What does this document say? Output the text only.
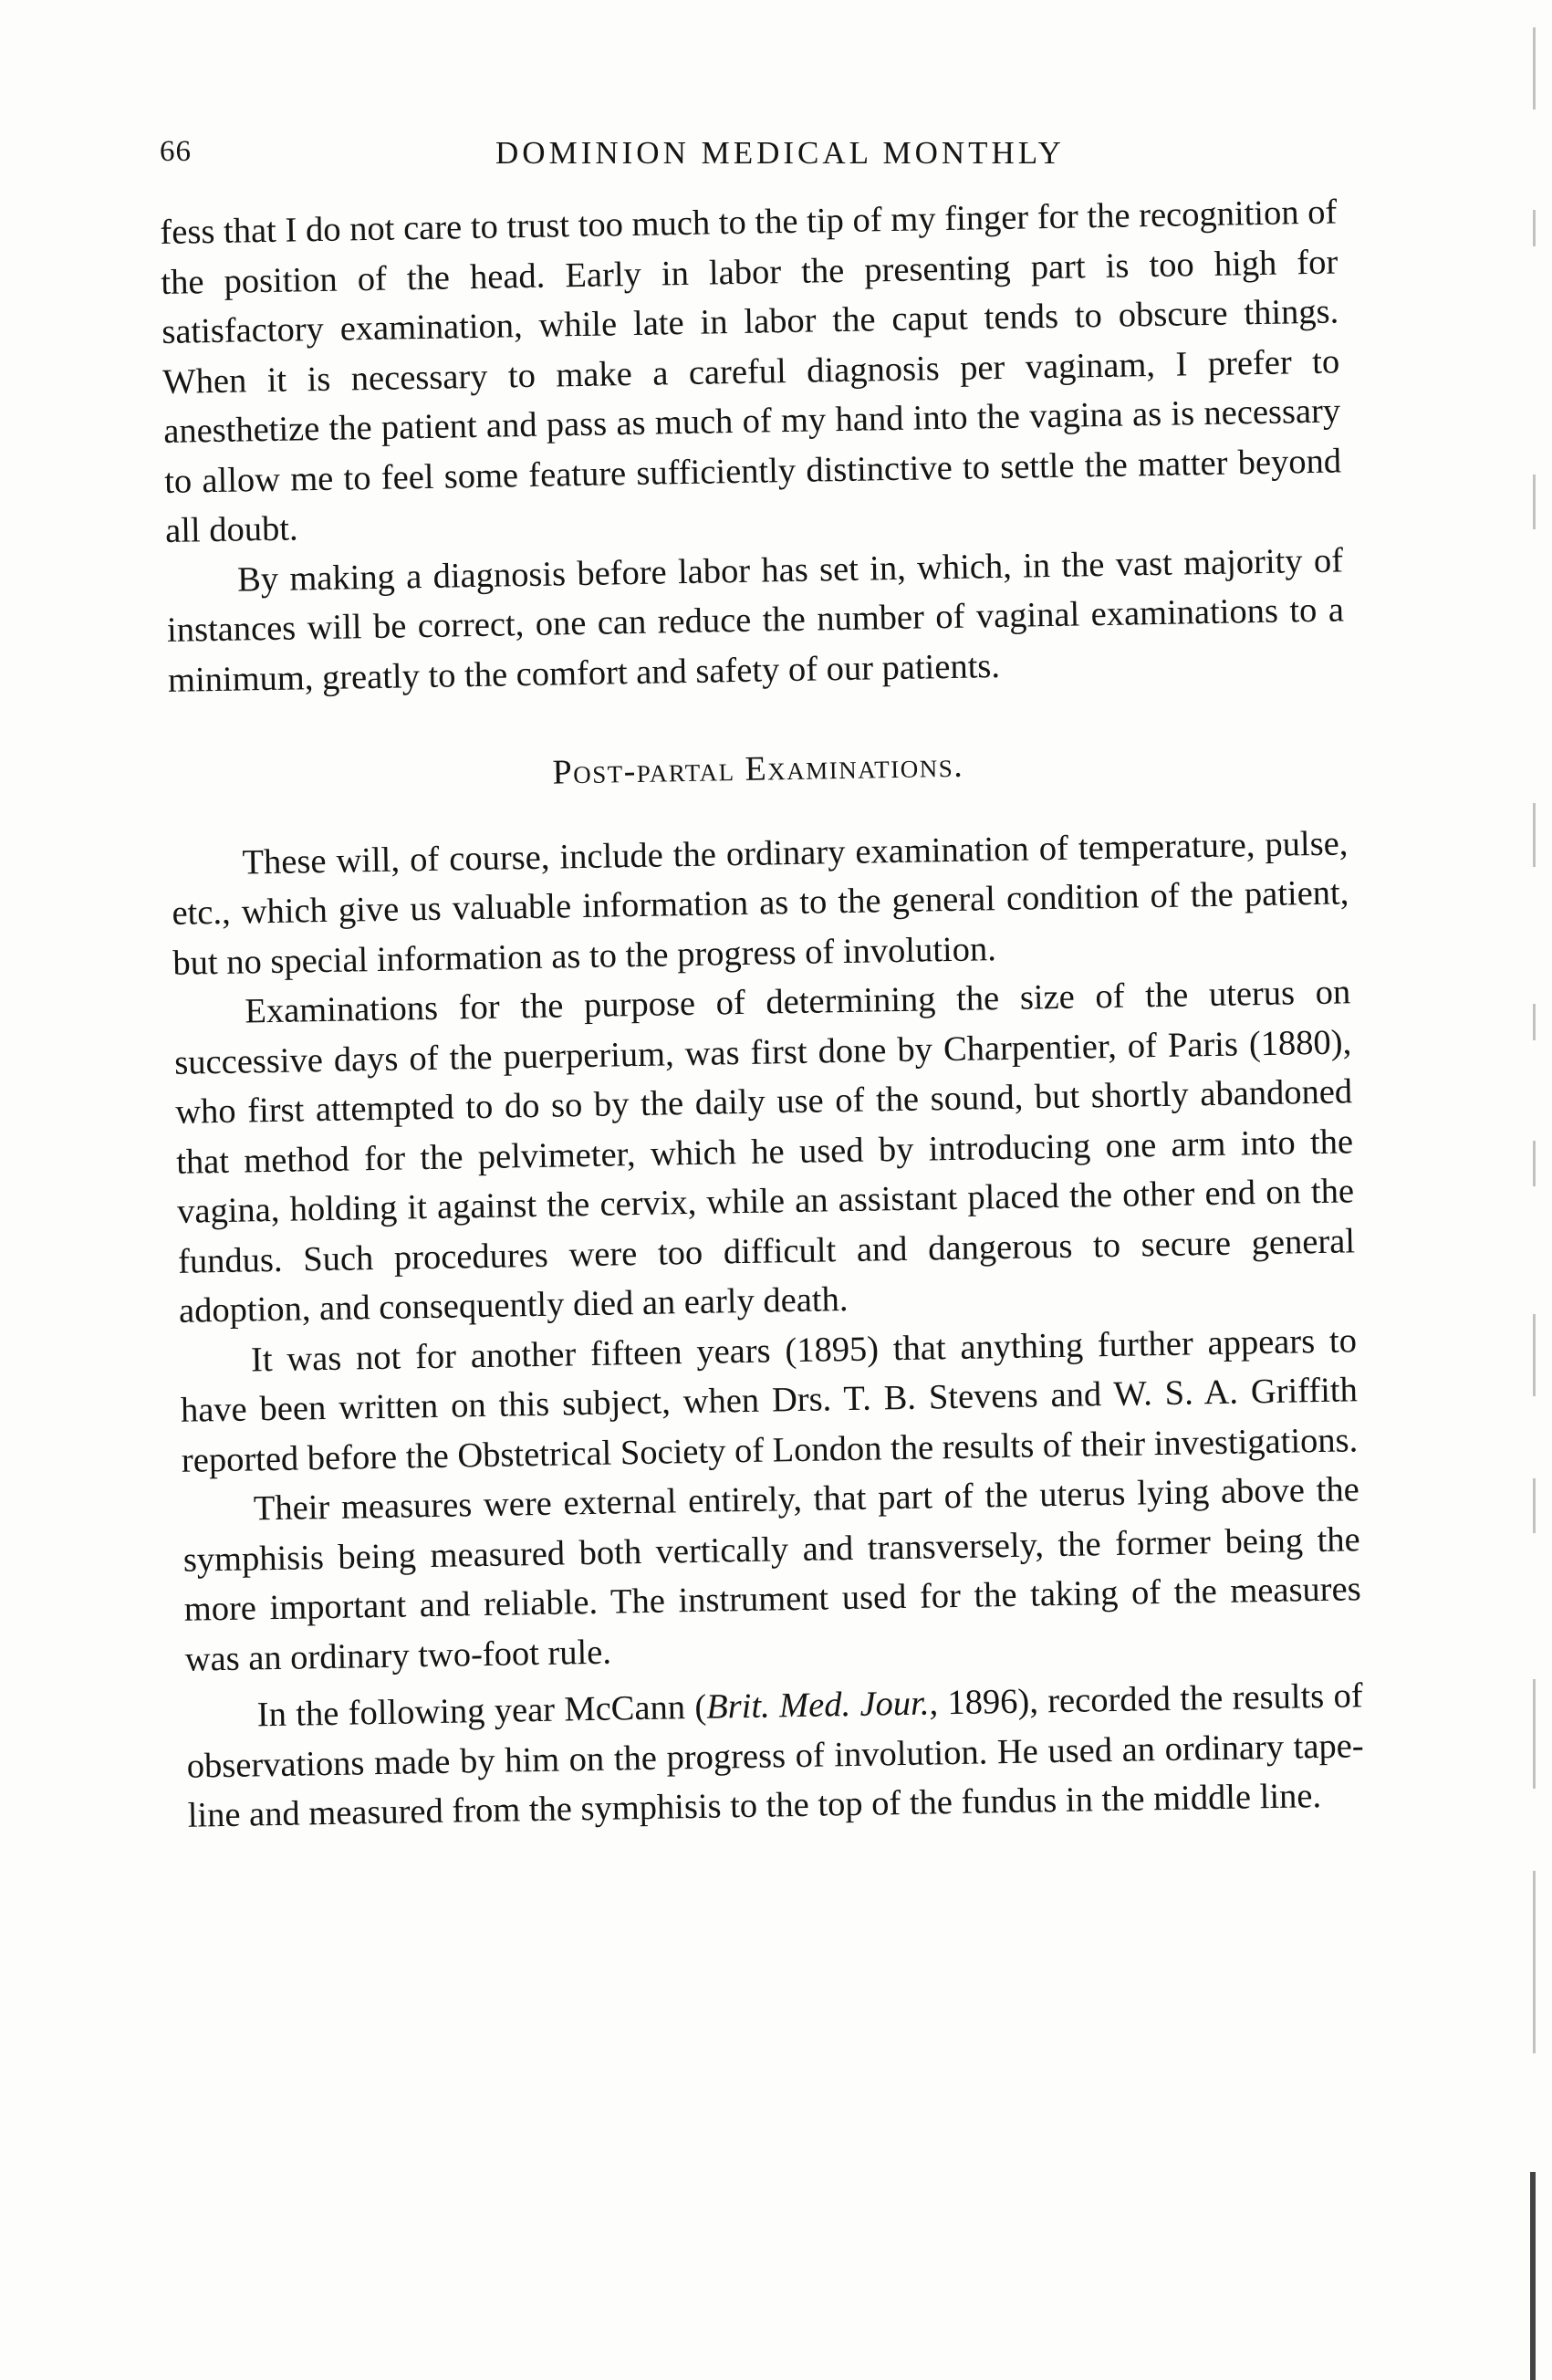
66	DOMINION MEDICAL MONTHLY

fess that I do not care to trust too much to the tip of my finger for the recognition of the position of the head. Early in labor the presenting part is too high for satisfactory examination, while late in labor the caput tends to obscure things. When it is necessary to make a careful diagnosis per vaginam, I prefer to anesthetize the patient and pass as much of my hand into the vagina as is necessary to allow me to feel some feature sufficiently distinctive to settle the matter beyond all doubt.

By making a diagnosis before labor has set in, which, in the vast majority of instances will be correct, one can reduce the number of vaginal examinations to a minimum, greatly to the comfort and safety of our patients.

Post-partal Examinations.

These will, of course, include the ordinary examination of temperature, pulse, etc., which give us valuable information as to the general condition of the patient, but no special information as to the progress of involution.

Examinations for the purpose of determining the size of the uterus on successive days of the puerperium, was first done by Charpentier, of Paris (1880), who first attempted to do so by the daily use of the sound, but shortly abandoned that method for the pelvimeter, which he used by introducing one arm into the vagina, holding it against the cervix, while an assistant placed the other end on the fundus. Such procedures were too difficult and dangerous to secure general adoption, and consequently died an early death.

It was not for another fifteen years (1895) that anything further appears to have been written on this subject, when Drs. T. B. Stevens and W. S. A. Griffith reported before the Obstetrical Society of London the results of their investigations.

Their measures were external entirely, that part of the uterus lying above the symphisis being measured both vertically and transversely, the former being the more important and reliable. The instrument used for the taking of the measures was an ordinary two-foot rule.

In the following year McCann (Brit. Med. Jour., 1896), recorded the results of observations made by him on the progress of involution. He used an ordinary tape-line and measured from the symphisis to the top of the fundus in the middle line.
